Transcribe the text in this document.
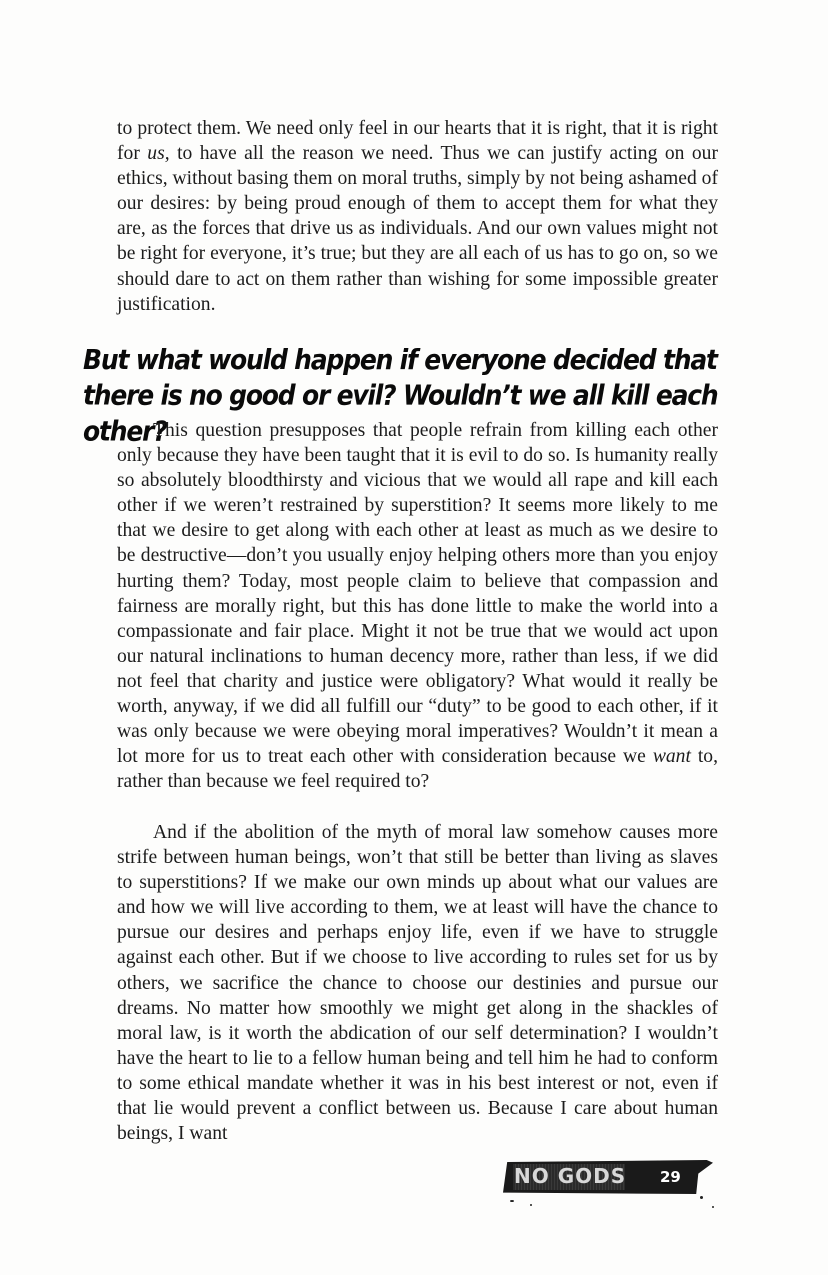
to protect them. We need only feel in our hearts that it is right, that it is right for us, to have all the reason we need. Thus we can justify acting on our ethics, without basing them on moral truths, simply by not being ashamed of our desires: by being proud enough of them to accept them for what they are, as the forces that drive us as individuals. And our own values might not be right for everyone, it’s true; but they are all each of us has to go on, so we should dare to act on them rather than wishing for some impossible greater justification.

But what would happen if everyone decided that there is no good or evil? Wouldn’t we all kill each other?

This question presupposes that people refrain from killing each other only because they have been taught that it is evil to do so. Is humanity really so absolutely bloodthirsty and vicious that we would all rape and kill each other if we weren’t restrained by superstition? It seems more likely to me that we desire to get along with each other at least as much as we desire to be destructive—don’t you usually enjoy helping others more than you enjoy hurting them? Today, most people claim to believe that compassion and fairness are morally right, but this has done little to make the world into a compassionate and fair place. Might it not be true that we would act upon our natural inclinations to human decency more, rather than less, if we did not feel that charity and justice were obligatory? What would it really be worth, anyway, if we did all fulfill our “duty” to be good to each other, if it was only because we were obeying moral imperatives? Wouldn’t it mean a lot more for us to treat each other with consideration because we want to, rather than because we feel required to?

And if the abolition of the myth of moral law somehow causes more strife between human beings, won’t that still be better than living as slaves to superstitions? If we make our own minds up about what our values are and how we will live according to them, we at least will have the chance to pursue our desires and perhaps enjoy life, even if we have to struggle against each other. But if we choose to live according to rules set for us by others, we sacrifice the chance to choose our destinies and pursue our dreams. No matter how smoothly we might get along in the shackles of moral law, is it worth the abdication of our self determination? I wouldn’t have the heart to lie to a fellow human being and tell him he had to conform to some ethical mandate whether it was in his best interest or not, even if that lie would prevent a conflict between us. Because I care about human beings, I want

NO GODS 29
